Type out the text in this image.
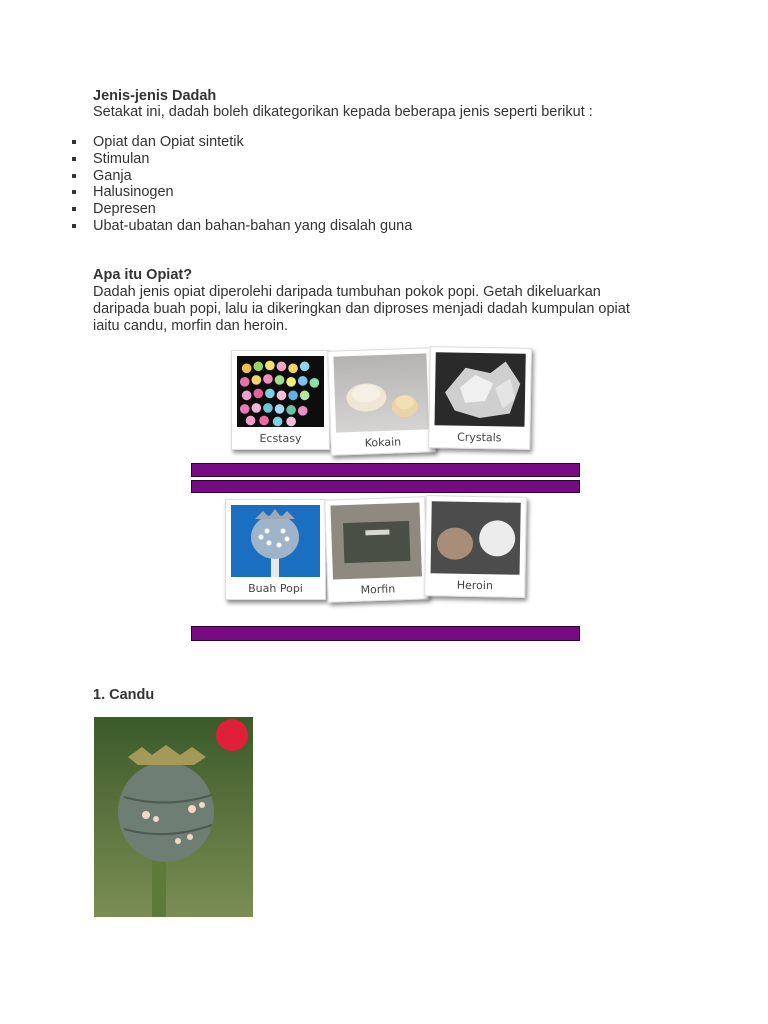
Jenis-jenis Dadah
Setakat ini, dadah boleh dikategorikan kepada beberapa jenis seperti berikut :
Opiat dan Opiat sintetik
Stimulan
Ganja
Halusinogen
Depresen
Ubat-ubatan dan bahan-bahan yang disalah guna
Apa itu Opiat?
Dadah jenis opiat diperolehi daripada tumbuhan pokok popi. Getah dikeluarkan
daripada buah popi, lalu ia dikeringkan dan diproses menjadi dadah kumpulan opiat
iaitu candu, morfin dan heroin.
Ecstasy	Kokain	Crystals
Buah Popi	Morfin	Heroin
1. Candu
